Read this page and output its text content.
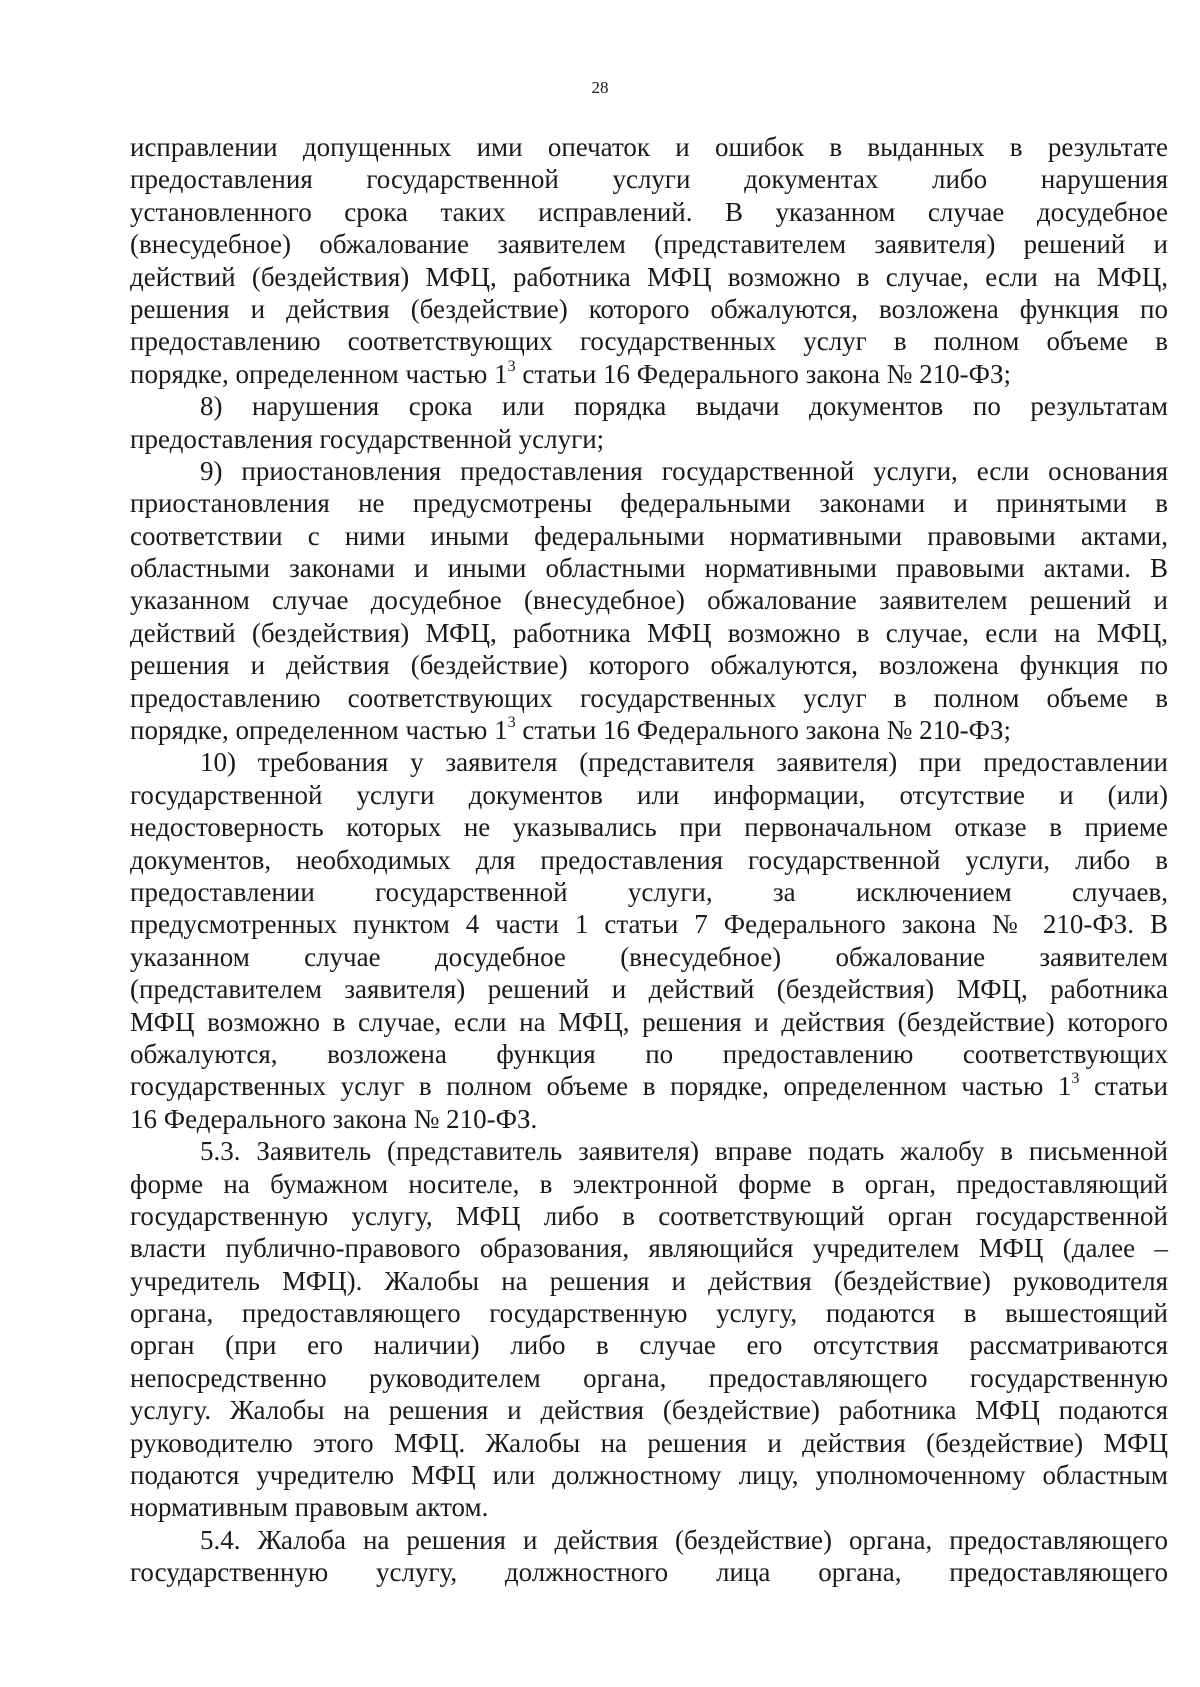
28
исправлении допущенных ими опечаток и ошибок в выданных в результате
предоставления государственной услуги документах либо нарушения
установленного срока таких исправлений. В указанном случае досудебное
(внесудебное) обжалование заявителем (представителем заявителя) решений и
действий (бездействия) МФЦ, работника МФЦ возможно в случае, если на МФЦ,
решения и действия (бездействие) которого обжалуются, возложена функция по
предоставлению соответствующих государственных услуг в полном объеме в
порядке, определенном частью $1^3$ статьи 16 Федерального закона № 210-ФЗ;
8) нарушения срока или порядка выдачи документов по результатам
предоставления государственной услуги;
9) приостановления предоставления государственной услуги, если основания
приостановления не предусмотрены федеральными законами и принятыми в
соответствии с ними иными федеральными нормативными правовыми актами,
областными законами и иными областными нормативными правовыми актами. В
указанном случае досудебное (внесудебное) обжалование заявителем решений и
действий (бездействия) МФЦ, работника МФЦ возможно в случае, если на МФЦ,
решения и действия (бездействие) которого обжалуются, возложена функция по
предоставлению соответствующих государственных услуг в полном объеме в
порядке, определенном частью $1^3$ статьи 16 Федерального закона № 210-ФЗ;
10) требования у заявителя (представителя заявителя) при предоставлении
государственной услуги документов или информации, отсутствие и (или)
недостоверность которых не указывались при первоначальном отказе в приеме
документов, необходимых для предоставления государственной услуги, либо в
предоставлении государственной услуги, за исключением случаев,
предусмотренных пунктом 4 части 1 статьи 7 Федерального закона № 210-ФЗ. В
указанном случае досудебное (внесудебное) обжалование заявителем
(представителем заявителя) решений и действий (бездействия) МФЦ, работника
МФЦ возможно в случае, если на МФЦ, решения и действия (бездействие) которого
обжалуются, возложена функция по предоставлению соответствующих
государственных услуг в полном объеме в порядке, определенном частью $1^3$ статьи
16 Федерального закона № 210-ФЗ.
5.3. Заявитель (представитель заявителя) вправе подать жалобу в письменной
форме на бумажном носителе, в электронной форме в орган, предоставляющий
государственную услугу, МФЦ либо в соответствующий орган государственной
власти публично-правового образования, являющийся учредителем МФЦ (далее –
учредитель МФЦ). Жалобы на решения и действия (бездействие) руководителя
органа, предоставляющего государственную услугу, подаются в вышестоящий
орган (при его наличии) либо в случае его отсутствия рассматриваются
непосредственно руководителем органа, предоставляющего государственную
услугу. Жалобы на решения и действия (бездействие) работника МФЦ подаются
руководителю этого МФЦ. Жалобы на решения и действия (бездействие) МФЦ
подаются учредителю МФЦ или должностному лицу, уполномоченному областным
нормативным правовым актом.
5.4. Жалоба на решения и действия (бездействие) органа, предоставляющего
государственную услугу, должностного лица органа, предоставляющего
